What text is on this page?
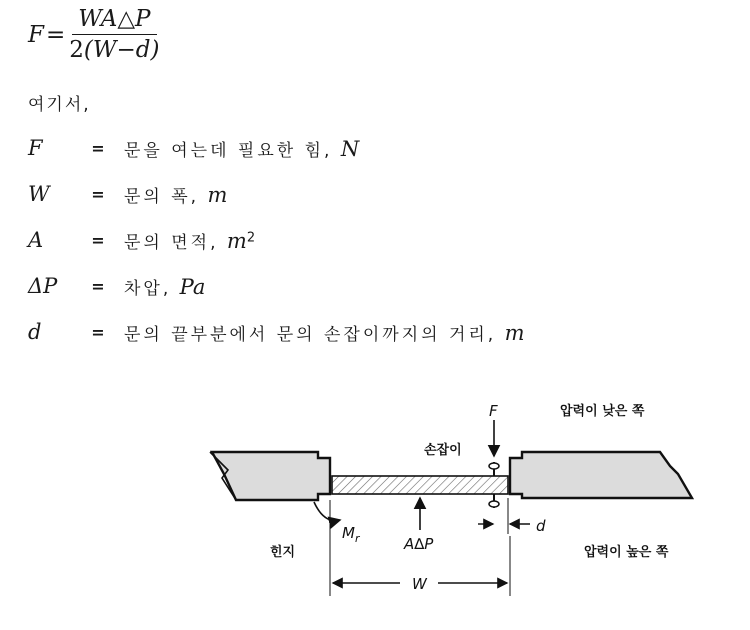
$F = \frac{WA\triangle P}{2(W-d)}$
여기서,
F	=	문을 여는데 필요한 힘, N
W	=	문의 폭, m
A	=	문의 면적, $m^2$
ΔP	=	차압, Pa
d	=	문의 끝부분에서 문의 손잡이까지의 거리, m
F	압력이 낮은 쪽
압력이 높은 쪽
손잡이
A∆P
$M_r$
힌지
d
W
